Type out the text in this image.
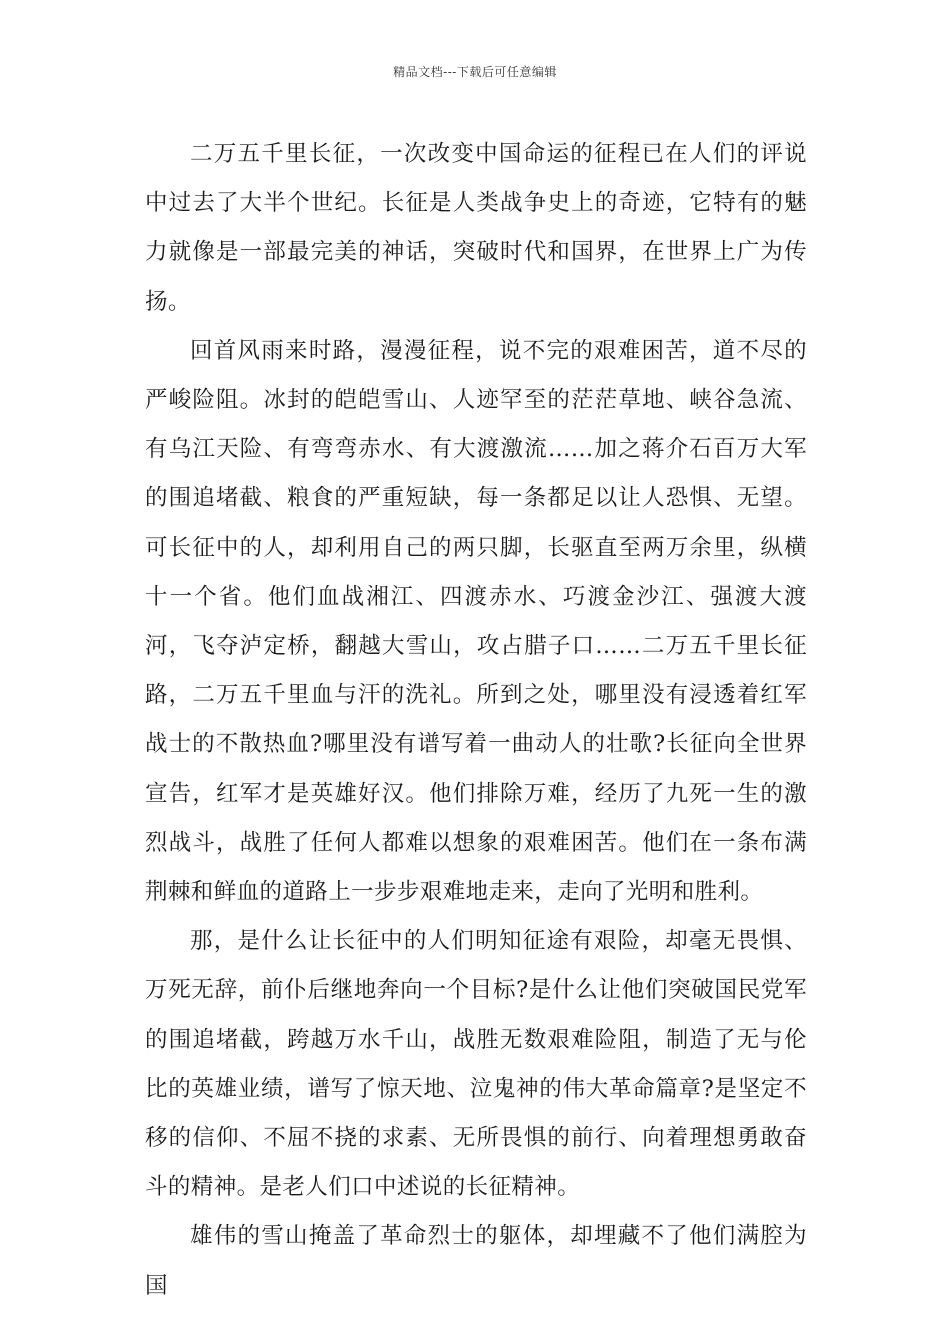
精品文档---下载后可任意编辑

二万五千里长征，一次改变中国命运的征程已在人们的评说中过去了大半个世纪。长征是人类战争史上的奇迹，它特有的魅力就像是一部最完美的神话，突破时代和国界，在世界上广为传扬。

回首风雨来时路，漫漫征程，说不完的艰难困苦，道不尽的严峻险阻。冰封的皑皑雪山、人迹罕至的茫茫草地、峡谷急流、有乌江天险、有弯弯赤水、有大渡激流……加之蒋介石百万大军的围追堵截、粮食的严重短缺，每一条都足以让人恐惧、无望。可长征中的人，却利用自己的两只脚，长驱直至两万余里，纵横十一个省。他们血战湘江、四渡赤水、巧渡金沙江、强渡大渡河，飞夺泸定桥，翻越大雪山，攻占腊子口……二万五千里长征路，二万五千里血与汗的洗礼。所到之处，哪里没有浸透着红军战士的不散热血?哪里没有谱写着一曲动人的壮歌?长征向全世界宣告，红军才是英雄好汉。他们排除万难，经历了九死一生的激烈战斗，战胜了任何人都难以想象的艰难困苦。他们在一条布满荆棘和鲜血的道路上一步步艰难地走来，走向了光明和胜利。

那，是什么让长征中的人们明知征途有艰险，却毫无畏惧、万死无辞，前仆后继地奔向一个目标?是什么让他们突破国民党军的围追堵截，跨越万水千山，战胜无数艰难险阻，制造了无与伦比的英雄业绩，谱写了惊天地、泣鬼神的伟大革命篇章?是坚定不移的信仰、不屈不挠的求素、无所畏惧的前行、向着理想勇敢奋斗的精神。是老人们口中述说的长征精神。

雄伟的雪山掩盖了革命烈士的躯体，却埋藏不了他们满腔为国
